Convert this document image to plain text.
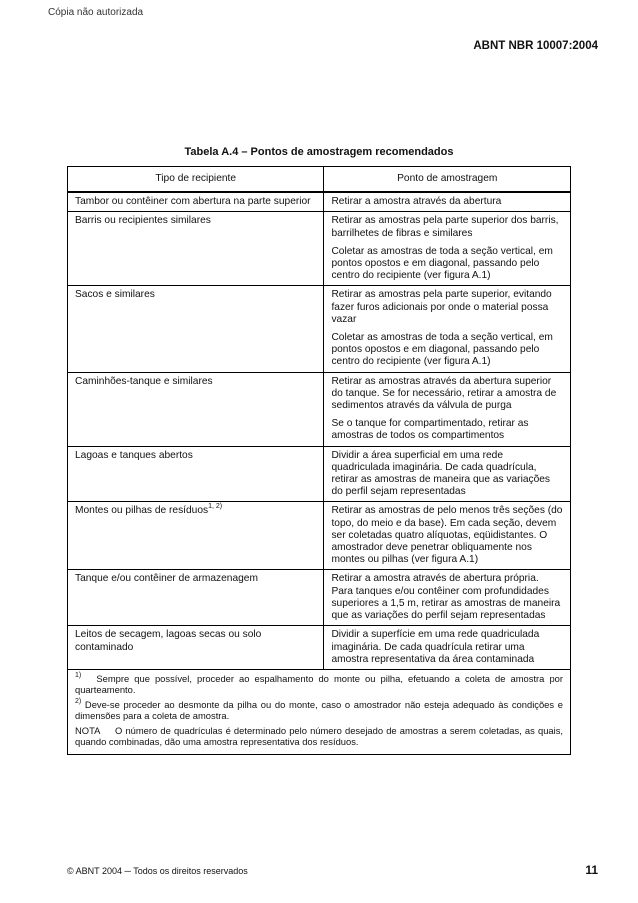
Cópia não autorizada
ABNT NBR 10007:2004
Tabela A.4 – Pontos de amostragem recomendados
Tipo de recipiente	Ponto de amostragem
Tambor ou contêiner com abertura na parte superior	Retirar a amostra através da abertura

Barris ou recipientes similares	Retirar as amostras pela parte superior dos barris, barrilhetes de fibras e similares
Coletar as amostras de toda a seção vertical, em pontos opostos e em diagonal, passando pelo centro do recipiente (ver figura A.1)

Sacos e similares	Retirar as amostras pela parte superior, evitando fazer furos adicionais por onde o material possa vazar
Coletar as amostras de toda a seção vertical, em pontos opostos e em diagonal, passando pelo centro do recipiente (ver figura A.1)

Caminhões-tanque e similares	Retirar as amostras através da abertura superior do tanque. Se for necessário, retirar a amostra de sedimentos através da válvula de purga
Se o tanque for compartimentado, retirar as amostras de todos os compartimentos

Lagoas e tanques abertos	Dividir a área superficial em uma rede quadriculada imaginária. De cada quadrícula, retirar as amostras de maneira que as variações do perfil sejam representadas

Montes ou pilhas de resíduos$^{1, 2)}$	Retirar as amostras de pelo menos três seções (do topo, do meio e da base). Em cada seção, devem ser coletadas quatro alíquotas, eqüidistantes. O amostrador deve penetrar obliquamente nos montes ou pilhas (ver figura A.1)

Tanque e/ou contêiner de armazenagem	Retirar a amostra através de abertura própria. Para tanques e/ou contêiner com profundidades superiores a 1,5 m, retirar as amostras de maneira que as variações do perfil sejam representadas

Leitos de secagem, lagoas secas ou solo contaminado	Dividir a superfície em uma rede quadriculada imaginária. De cada quadrícula retirar uma amostra representativa da área contaminada

$^{1)}$ Sempre que possível, proceder ao espalhamento do monte ou pilha, efetuando a coleta de amostra por quarteamento.

$^{2)}$ Deve-se proceder ao desmonte da pilha ou do monte, caso o amostrador não esteja adequado às condições e dimensões para a coleta de amostra.

NOTA O número de quadrículas é determinado pelo número desejado de amostras a serem coletadas, as quais, quando combinadas, dão uma amostra representativa dos resíduos.	

© ABNT 2004 ─ Todos os direitos reservados	11
